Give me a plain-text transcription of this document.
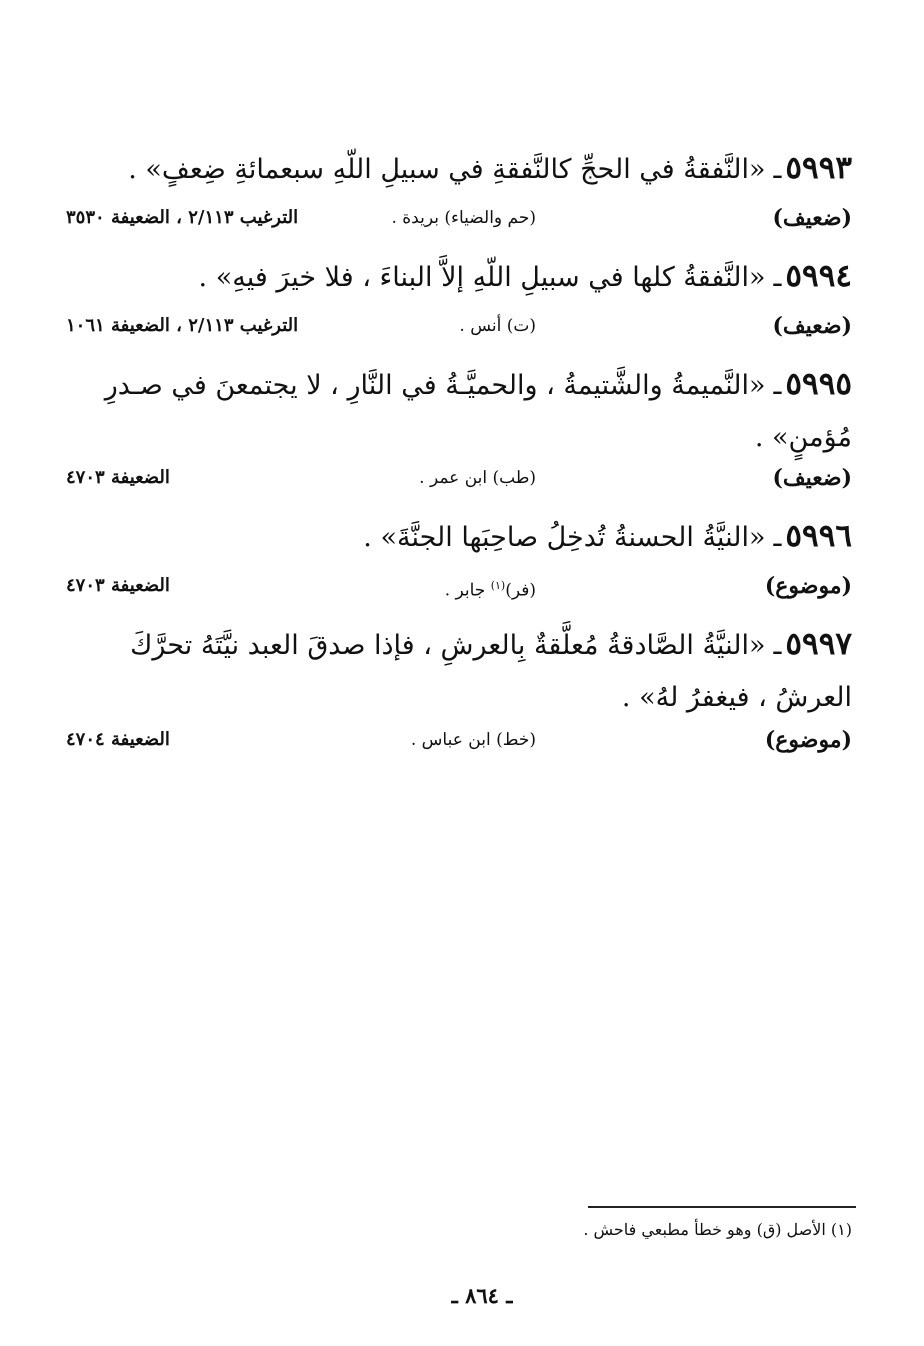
٥٩٩٣ـ«النَّفقةُ في الحجِّ كالنَّفقةِ في سبيلِ اللّهِ سبعمائةِ ضِعفٍ» .
(ضعيف)
(حم والضياء) بريدة .
الترغيب ٢/١١٣ ، الضعيفة ٣٥٣٠
٥٩٩٤ـ«النَّفقةُ كلها في سبيلِ اللّهِ إلاَّ البناءَ ، فلا خيرَ فيهِ» .
(ضعيف)
(ت) أنس .
الترغيب ٢/١١٣ ، الضعيفة ١٠٦١
٥٩٩٥ـ«النَّميمةُ والشَّتيمةُ ، والحميَّـةُ في النَّارِ ، لا يجتمعنَ في صـدرِ مُؤمنٍ» .
(ضعيف)
(طب) ابن عمر .
الضعيفة ٤٧٠٣
٥٩٩٦ـ«النيَّةُ الحسنةُ تُدخِلُ صاحِبَها الجنَّةَ» .
(موضوع)
(فر)$^{(١)}$ جابر .
الضعيفة ٤٧٠٣
٥٩٩٧ـ«النيَّةُ الصَّادقةُ مُعلَّقةٌ بِالعرشِ ، فإذا صدقَ العبد نيَّتَهُ تحرَّكَ العرشُ ، فيغفرُ لهُ» .
(موضوع)
(خط) ابن عباس .
الضعيفة ٤٧٠٤
(١) الأصل (ق) وهو خطأ مطبعي فاحش .
ـ ٨٦٤ ـ
